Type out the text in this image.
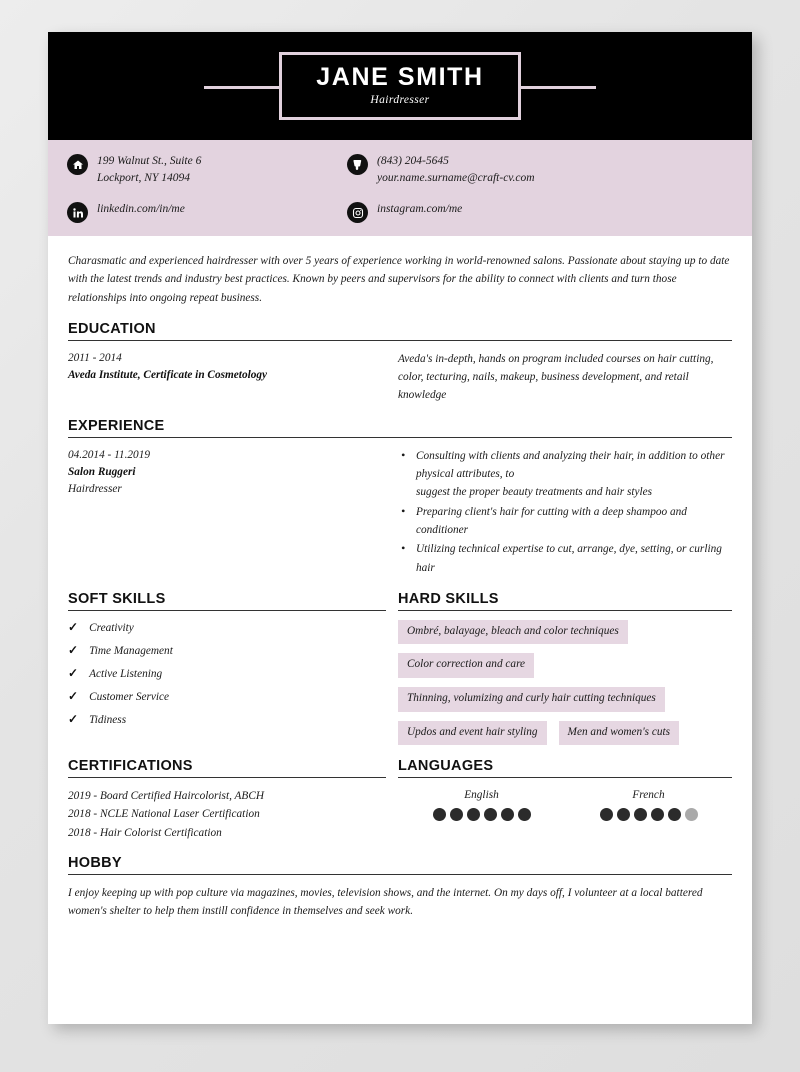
JANE SMITH
Hairdresser
199 Walnut St., Suite 6
Lockport, NY 14094
linkedin.com/in/me
(843) 204-5645
your.name.surname@craft-cv.com
instagram.com/me
Charasmatic and experienced hairdresser with over 5 years of experience working in world-renowned salons. Passionate about staying up to date with the latest trends and industry best practices. Known by peers and supervisors for the ability to connect with clients and turn those relationships into ongoing repeat business.
EDUCATION
2011 - 2014
Aveda Institute, Certificate in Cosmetology
Aveda's in-depth, hands on program included courses on hair cutting, color, tecturing, nails, makeup, business development, and retail knowledge
EXPERIENCE
04.2014 - 11.2019
Salon Ruggeri
Hairdresser
• Consulting with clients and analyzing their hair, in addition to other physical attributes, to
suggest the proper beauty treatments and hair styles
• Preparing client's hair for cutting with a deep shampoo and conditioner
• Utilizing technical expertise to cut, arrange, dye, setting, or curling hair
SOFT SKILLS
✓ Creativity
✓ Time Management
✓ Active Listening
✓ Customer Service
✓ Tidiness
HARD SKILLS
Ombré, balayage, bleach and color techniques
Color correction and care
Thinning, volumizing and curly hair cutting techniques
Updos and event hair styling	Men and women's cuts
CERTIFICATIONS
2019 - Board Certified Haircolorist, ABCH
2018 - NCLE National Laser Certification
2018 - Hair Colorist Certification
LANGUAGES
English	French
HOBBY
I enjoy keeping up with pop culture via magazines, movies, television shows, and the internet. On my days off, I volunteer at a local battered women's shelter to help them instill confidence in themselves and seek work.
